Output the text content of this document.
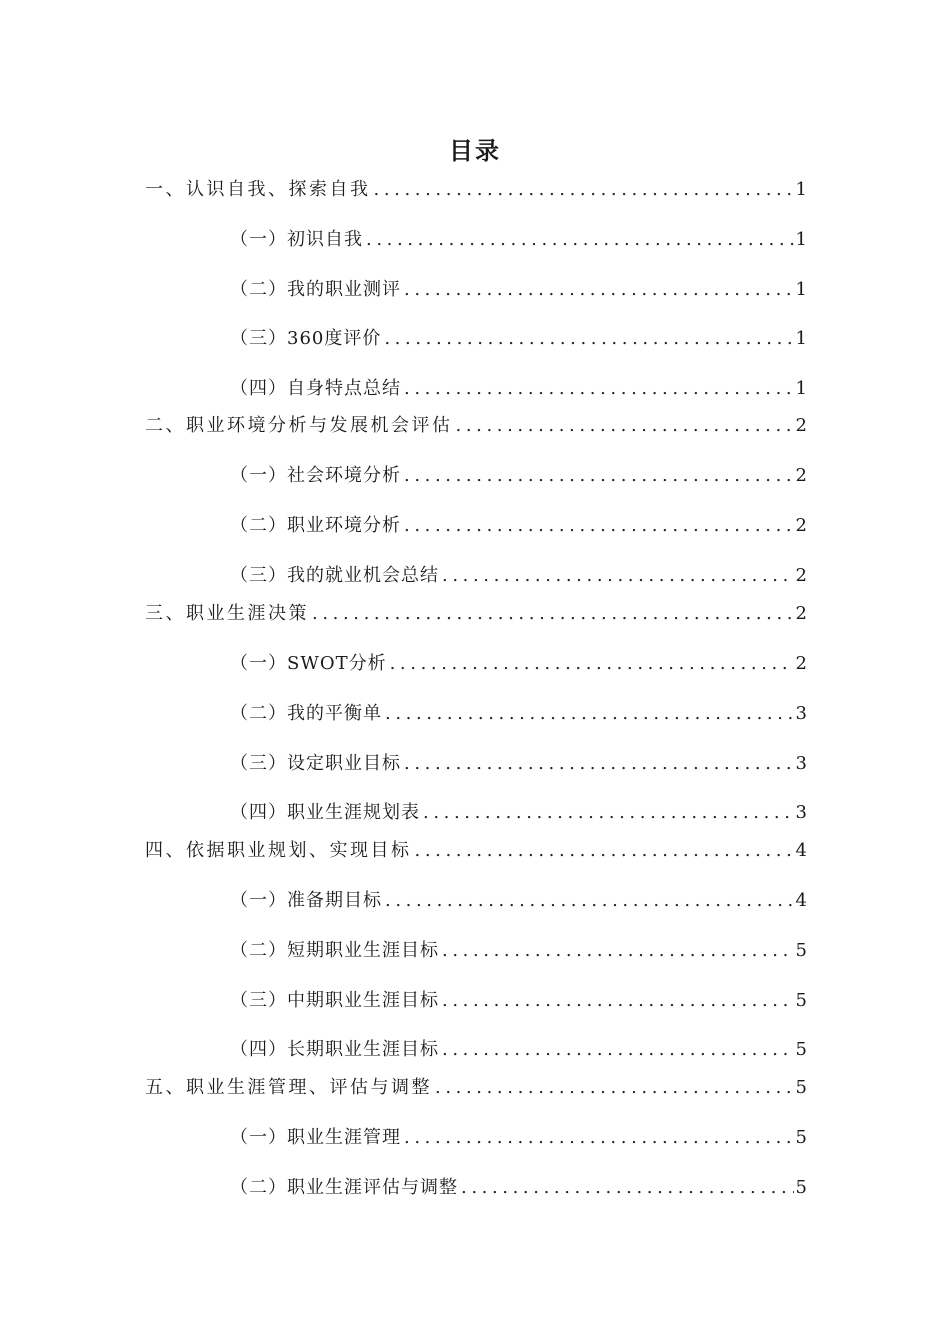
目录
一、认识自我、探索自我 .....	1
（一）初识自我 .....	1
（二）我的职业测评 .....	1
（三）360度评价 .....	1
（四）自身特点总结 .....	1
二、职业环境分析与发展机会评估 .....	2
（一）社会环境分析 .....	2
（二）职业环境分析 .....	2
（三）我的就业机会总结 .....	2
三、职业生涯决策 .....	2
（一）SWOT分析 .....	2
（二）我的平衡单 .....	3
（三）设定职业目标 .....	3
（四）职业生涯规划表 .....	3
四、依据职业规划、实现目标 .....	4
（一）准备期目标 .....	4
（二）短期职业生涯目标 .....	5
（三）中期职业生涯目标 .....	5
（四）长期职业生涯目标 .....	5
五、职业生涯管理、评估与调整 .....	5
（一）职业生涯管理 .....	5
（二）职业生涯评估与调整 .....	5
